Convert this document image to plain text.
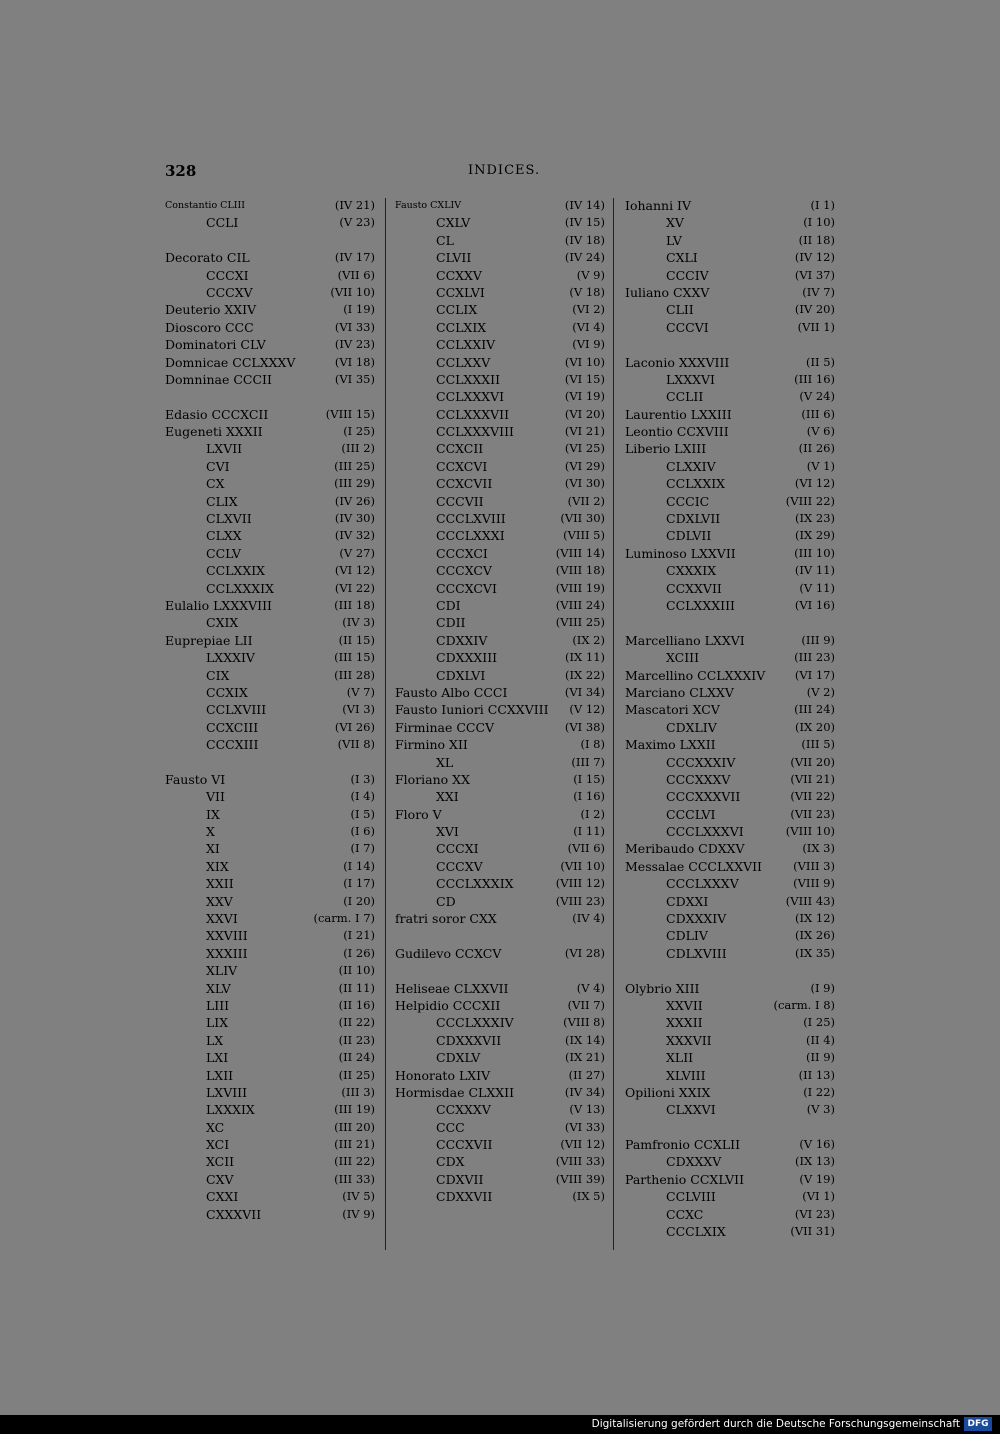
328	INDICES.
Constantio CLIII	(IV 21)
CCLI	(V 23)
Decorato CIL	(IV 17)
CCCXI	(VII 6)
CCCXV	(VII 10)
Deuterio XXIV	(I 19)
Dioscoro CCC	(VI 33)
Dominatori CLV	(IV 23)
Domnicae CCLXXXV	(VI 18)
Domninae CCCII	(VI 35)
Edasio CCCXCII	(VIII 15)
Eugeneti XXXII	(I 25)
LXVII	(III 2)
CVI	(III 25)
CX	(III 29)
CLIX	(IV 26)
CLXVII	(IV 30)
CLXX	(IV 32)
CCLV	(V 27)
CCLXXIX	(VI 12)
CCLXXXIX	(VI 22)
Eulalio LXXXVIII	(III 18)
CXIX	(IV 3)
Euprepiae LII	(II 15)
LXXXIV	(III 15)
CIX	(III 28)
CCXIX	(V 7)
CCLXVIII	(VI 3)
CCXCIII	(VI 26)
CCCXIII	(VII 8)
Fausto VI	(I 3)
VII	(I 4)
IX	(I 5)
X	(I 6)
XI	(I 7)
XIX	(I 14)
XXII	(I 17)
XXV	(I 20)
XXVI	(carm. I 7)
XXVIII	(I 21)
XXXIII	(I 26)
XLIV	(II 10)
XLV	(II 11)
LIII	(II 16)
LIX	(II 22)
LX	(II 23)
LXI	(II 24)
LXII	(II 25)
LXVIII	(III 3)
LXXXIX	(III 19)
XC	(III 20)
XCI	(III 21)
XCII	(III 22)
CXV	(III 33)
CXXI	(IV 5)
CXXXVII	(IV 9)
Fausto CXLIV	(IV 14)
CXLV	(IV 15)
CL	(IV 18)
CLVII	(IV 24)
CCXXV	(V 9)
CCXLVI	(V 18)
CCLIX	(VI 2)
CCLXIX	(VI 4)
CCLXXIV	(VI 9)
CCLXXV	(VI 10)
CCLXXXII	(VI 15)
CCLXXXVI	(VI 19)
CCLXXXVII	(VI 20)
CCLXXXVIII	(VI 21)
CCXCII	(VI 25)
CCXCVI	(VI 29)
CCXCVII	(VI 30)
CCCVII	(VII 2)
CCCLXVIII	(VII 30)
CCCLXXXI	(VIII 5)
CCCXCI	(VIII 14)
CCCXCV	(VIII 18)
CCCXCVI	(VIII 19)
CDI	(VIII 24)
CDII	(VIII 25)
CDXXIV	(IX 2)
CDXXXIII	(IX 11)
CDXLVI	(IX 22)
Fausto Albo CCCI	(VI 34)
Fausto Iuniori CCXXVIII (V 12)
Firminae CCCV	(VI 38)
Firmino XII	(I 8)
XL	(III 7)
Floriano XX	(I 15)
XXI	(I 16)
Floro V	(I 2)
XVI	(I 11)
CCCXI	(VII 6)
CCCXV	(VII 10)
CCCLXXXIX	(VIII 12)
CD	(VIII 23)
fratri soror CXX	(IV 4)
Gudilevo CCXCV	(VI 28)
Heliseae CLXXVII	(V 4)
Helpidio CCCXII	(VII 7)
CCCLXXXIV	(VIII 8)
CDXXXVII	(IX 14)
CDXLV	(IX 21)
Honorato LXIV	(II 27)
Hormisdae CLXXII	(IV 34)
CCXXXV	(V 13)
CCC	(VI 33)
CCCXVII	(VII 12)
CDX	(VIII 33)
CDXVII	(VIII 39)
CDXXVII	(IX 5)
Iohanni IV	(I 1)
XV	(I 10)
LV	(II 18)
CXLI	(IV 12)
CCCIV	(VI 37)
Iuliano CXXV	(IV 7)
CLII	(IV 20)
CCCVI	(VII 1)
Laconio XXXVIII	(II 5)
LXXXVI	(III 16)
CCLII	(V 24)
Laurentio LXXIII	(III 6)
Leontio CCXVIII	(V 6)
Liberio LXIII	(II 26)
CLXXIV	(V 1)
CCLXXIX	(VI 12)
CCCIC	(VIII 22)
CDXLVII	(IX 23)
CDLVII	(IX 29)
Luminoso LXXVII	(III 10)
CXXXIX	(IV 11)
CCXXVII	(V 11)
CCLXXXIII	(VI 16)
Marcelliano LXXVI	(III 9)
XCIII	(III 23)
Marcellino CCLXXXIV	(VI 17)
Marciano CLXXV	(V 2)
Mascatori XCV	(III 24)
CDXLIV	(IX 20)
Maximo LXXII	(III 5)
CCCXXXIV	(VII 20)
CCCXXXV	(VII 21)
CCCXXXVII	(VII 22)
CCCLVI	(VII 23)
CCCLXXXVI	(VIII 10)
Meribaudo CDXXV	(IX 3)
Messalae CCCLXXVII	(VIII 3)
CCCLXXXV	(VIII 9)
CDXXI	(VIII 43)
CDXXXIV	(IX 12)
CDLIV	(IX 26)
CDLXVIII	(IX 35)
Olybrio XIII	(I 9)
XXVII	(carm. I 8)
XXXII	(I 25)
XXXVII	(II 4)
XLII	(II 9)
XLVIII	(II 13)
Opilioni XXIX	(I 22)
CLXXVI	(V 3)
Pamfronio CCXLII	(V 16)
CDXXXV	(IX 13)
Parthenio CCXLVII	(V 19)
CCLVIII	(VI 1)
CCXC	(VI 23)
CCCLXIX	(VII 31)
Digitalisierung gefördert durch die Deutsche Forschungsgemeinschaft DFG
